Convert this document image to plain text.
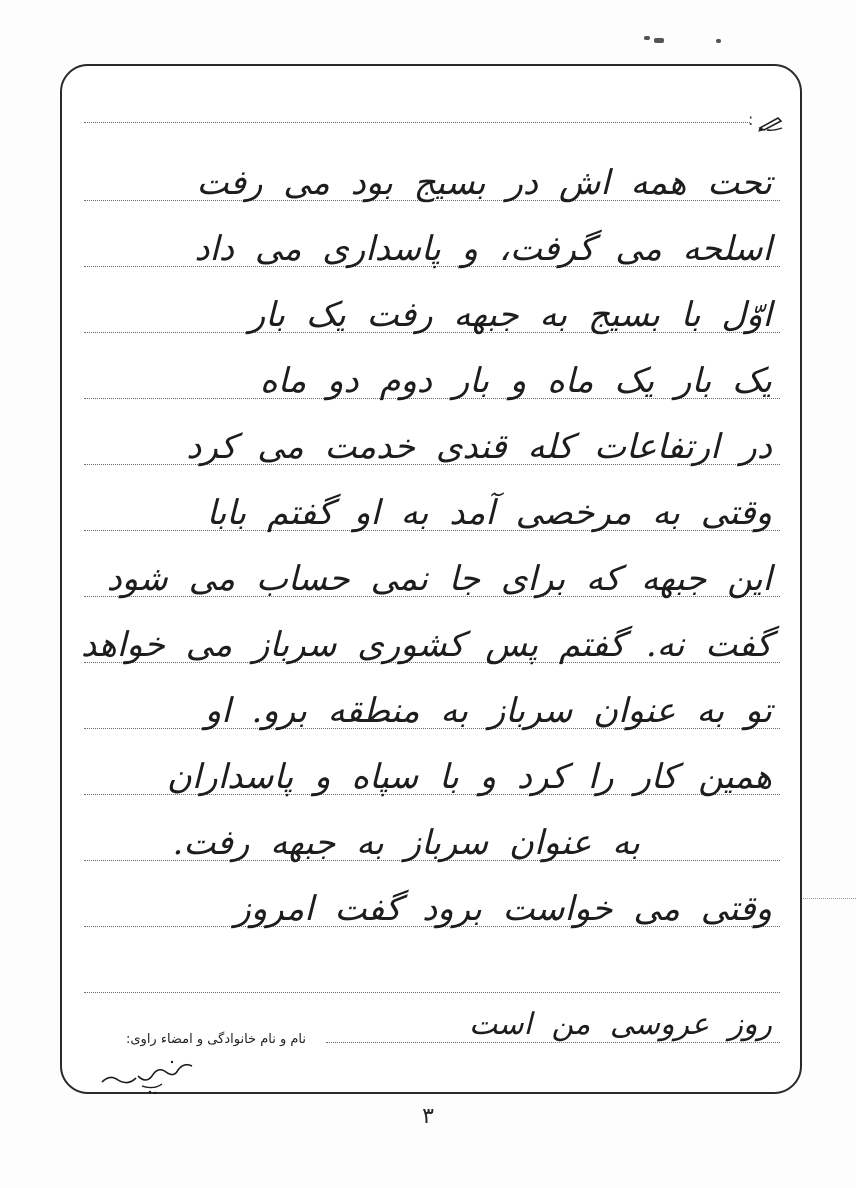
:
تحت همه اش در بسیج بود می رفت
اسلحه می گرفت، و پاسداری می داد
اوّل با بسیج به جبهه رفت یک بار
یک بار یک ماه و بار دوم دو ماه
در ارتفاعات کله قندی خدمت می کرد
وقتی به مرخصی آمد به او گفتم بابا
این جبهه که برای جا نمی حساب می شود
گفت نه. گفتم پس کشوری سرباز می خواهد
تو به عنوان سرباز به منطقه برو. او
همین کار را کرد و با سپاه و پاسداران
به عنوان سرباز به جبهه رفت.
وقتی می خواست برود گفت امروز
روز عروسی من است
نام و نام خانوادگی و امضاء راوی:
۳
